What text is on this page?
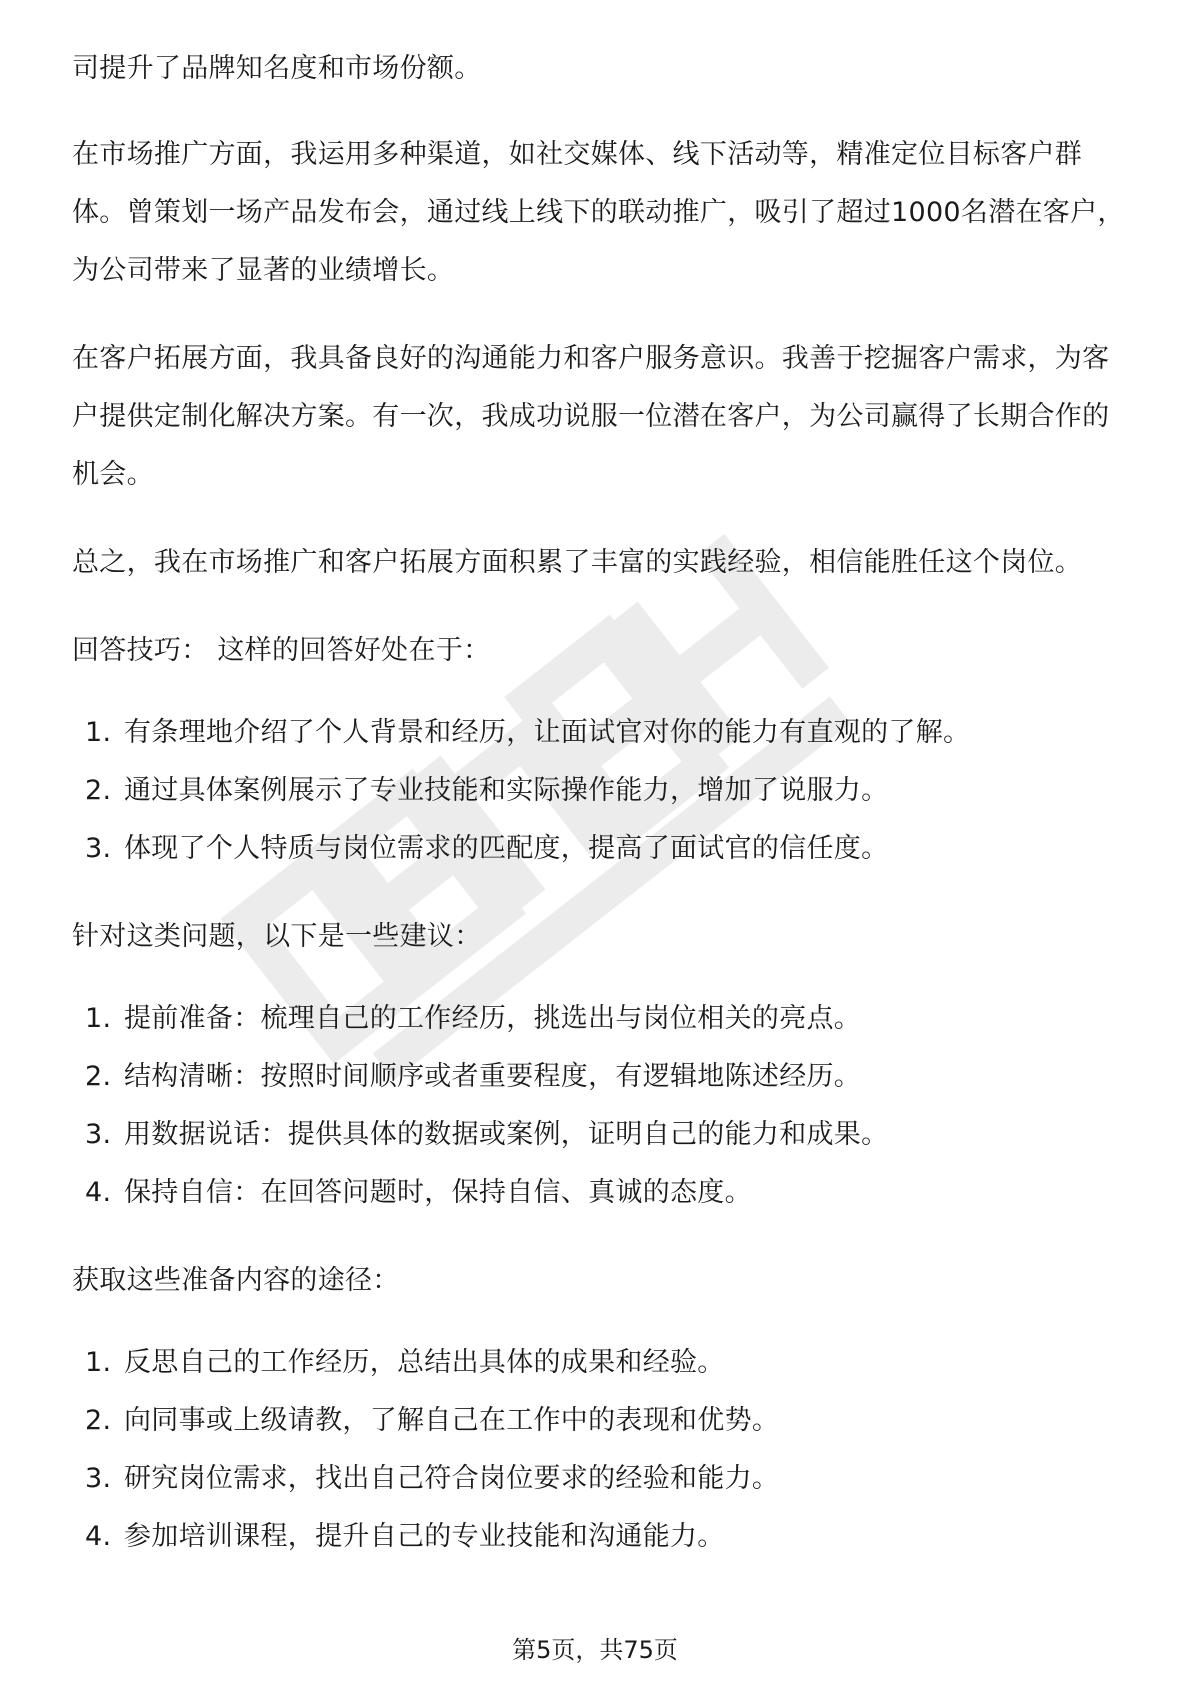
司提升了品牌知名度和市场份额。

在市场推广方面，我运用多种渠道，如社交媒体、线下活动等，精准定位目标客户群体。曾策划一场产品发布会，通过线上线下的联动推广，吸引了超过1000名潜在客户，为公司带来了显著的业绩增长。

在客户拓展方面，我具备良好的沟通能力和客户服务意识。我善于挖掘客户需求，为客户提供定制化解决方案。有一次，我成功说服一位潜在客户，为公司赢得了长期合作的机会。

总之，我在市场推广和客户拓展方面积累了丰富的实践经验，相信能胜任这个岗位。

回答技巧： 这样的回答好处在于：

1. 有条理地介绍了个人背景和经历，让面试官对你的能力有直观的了解。
2. 通过具体案例展示了专业技能和实际操作能力，增加了说服力。
3. 体现了个人特质与岗位需求的匹配度，提高了面试官的信任度。

针对这类问题，以下是一些建议：

1. 提前准备：梳理自己的工作经历，挑选出与岗位相关的亮点。
2. 结构清晰：按照时间顺序或者重要程度，有逻辑地陈述经历。
3. 用数据说话：提供具体的数据或案例，证明自己的能力和成果。
4. 保持自信：在回答问题时，保持自信、真诚的态度。

获取这些准备内容的途径：

1. 反思自己的工作经历，总结出具体的成果和经验。
2. 向同事或上级请教，了解自己在工作中的表现和优势。
3. 研究岗位需求，找出自己符合岗位要求的经验和能力。
4. 参加培训课程，提升自己的专业技能和沟通能力。
第5页，共75页
